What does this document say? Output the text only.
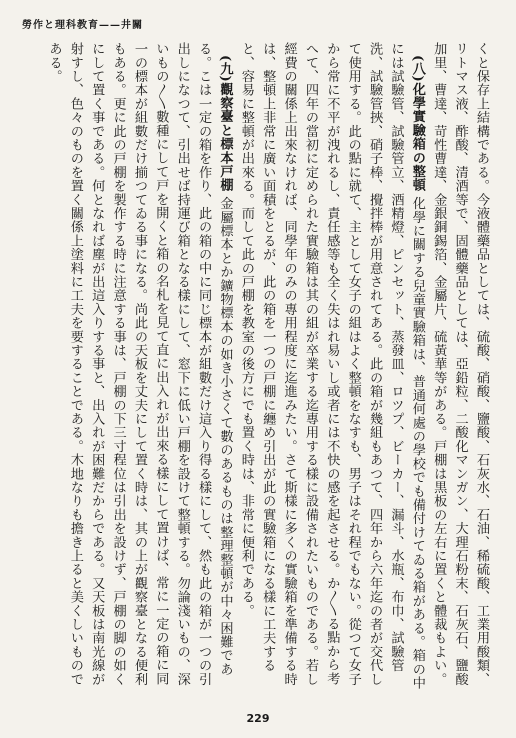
勞作と理科教育——井關

くと保存上結構である。今液體藥品としては、硫酸、硝酸、鹽酸、石灰水、石油、稀硫酸、工業用酸類、リトマス液、酢酸、清酒等で、固體藥品としては、亞鉛粒、二酸化マンガン、大理石粉末、石灰石、鹽酸加里、曹達、苛性曹達、金銀銅錫箔、金屬片、硫黃華等がある。戸棚は黒板の左右に置くと體裁もよい。

(八)化學實驗箱の整頓 化學に關する兒童實驗箱は、普通何處の學校でも備付けてゐる箱がある。箱の中には試驗管、試驗管立、酒精燈、ピンセット、蒸發皿、ロツプ、ビーカー、漏斗、水瓶、布巾、試驗管洗、試驗管挾、硝子棒、攪拌棒が用意されてある。此の箱が幾組もあつて、四年から六年迄の者が交代して使用する。此の點に就て、主として女子の組はよく整頓をなすも、男子はそれ程でもない。從つて女子から常に不平が洩れるし、責任感等も全く失はれ易いし或者には不快の感を起させる。か〱る點から考へて、四年の當初に定められた實驗箱は其の組が卒業する迄專用する樣に設備されたいものである。若し經費の關係上出來なければ、同學年のみの專用程度に迄進みたい。さて斯樣に多くの實驗箱を準備する時は、整頓上非常に廣い面積をとるが、此の箱を一つの戸棚に纏め引出が此の實驗箱になる樣に工夫すると、容易に整頓が出來る。而して此の戸棚を教室の後方にでも置く時は、非常に便利である。

(九)觀察臺と標本戸棚 金屬標本とか鑛物標本の如き小さくて數のあるものは整理整頓が中々困難である。こは一定の箱を作り、此の箱の中に同じ標本が組數だけ這入り得る樣にして、然も此の箱が一つの引出しになつて、引出せば持運び箱となる樣にして、窓下に低い戸棚を設けて整頓する。勿論淺いもの、深いもの〱數種にして戸を開くと箱の名札を見て直に出入れが出來る樣にして置けば、常に一定の箱に同一の標本が組數だけ揃つてゐる事になる。尚此の天板を丈夫にして置く時は、其の上が觀察臺となる便利もある。更に此の戸棚を製作する時に注意する事は、戸棚の下三寸程位は引出を設けず、戸棚の脚の如くにして置く事である。何となれば塵が出這入りする事と、出入れが困難だからである。又天板は南光線が射すし、色々のものを置く關係上塗料に工夫を要することである。木地なりも擔き上ると美くしいものである。

229
